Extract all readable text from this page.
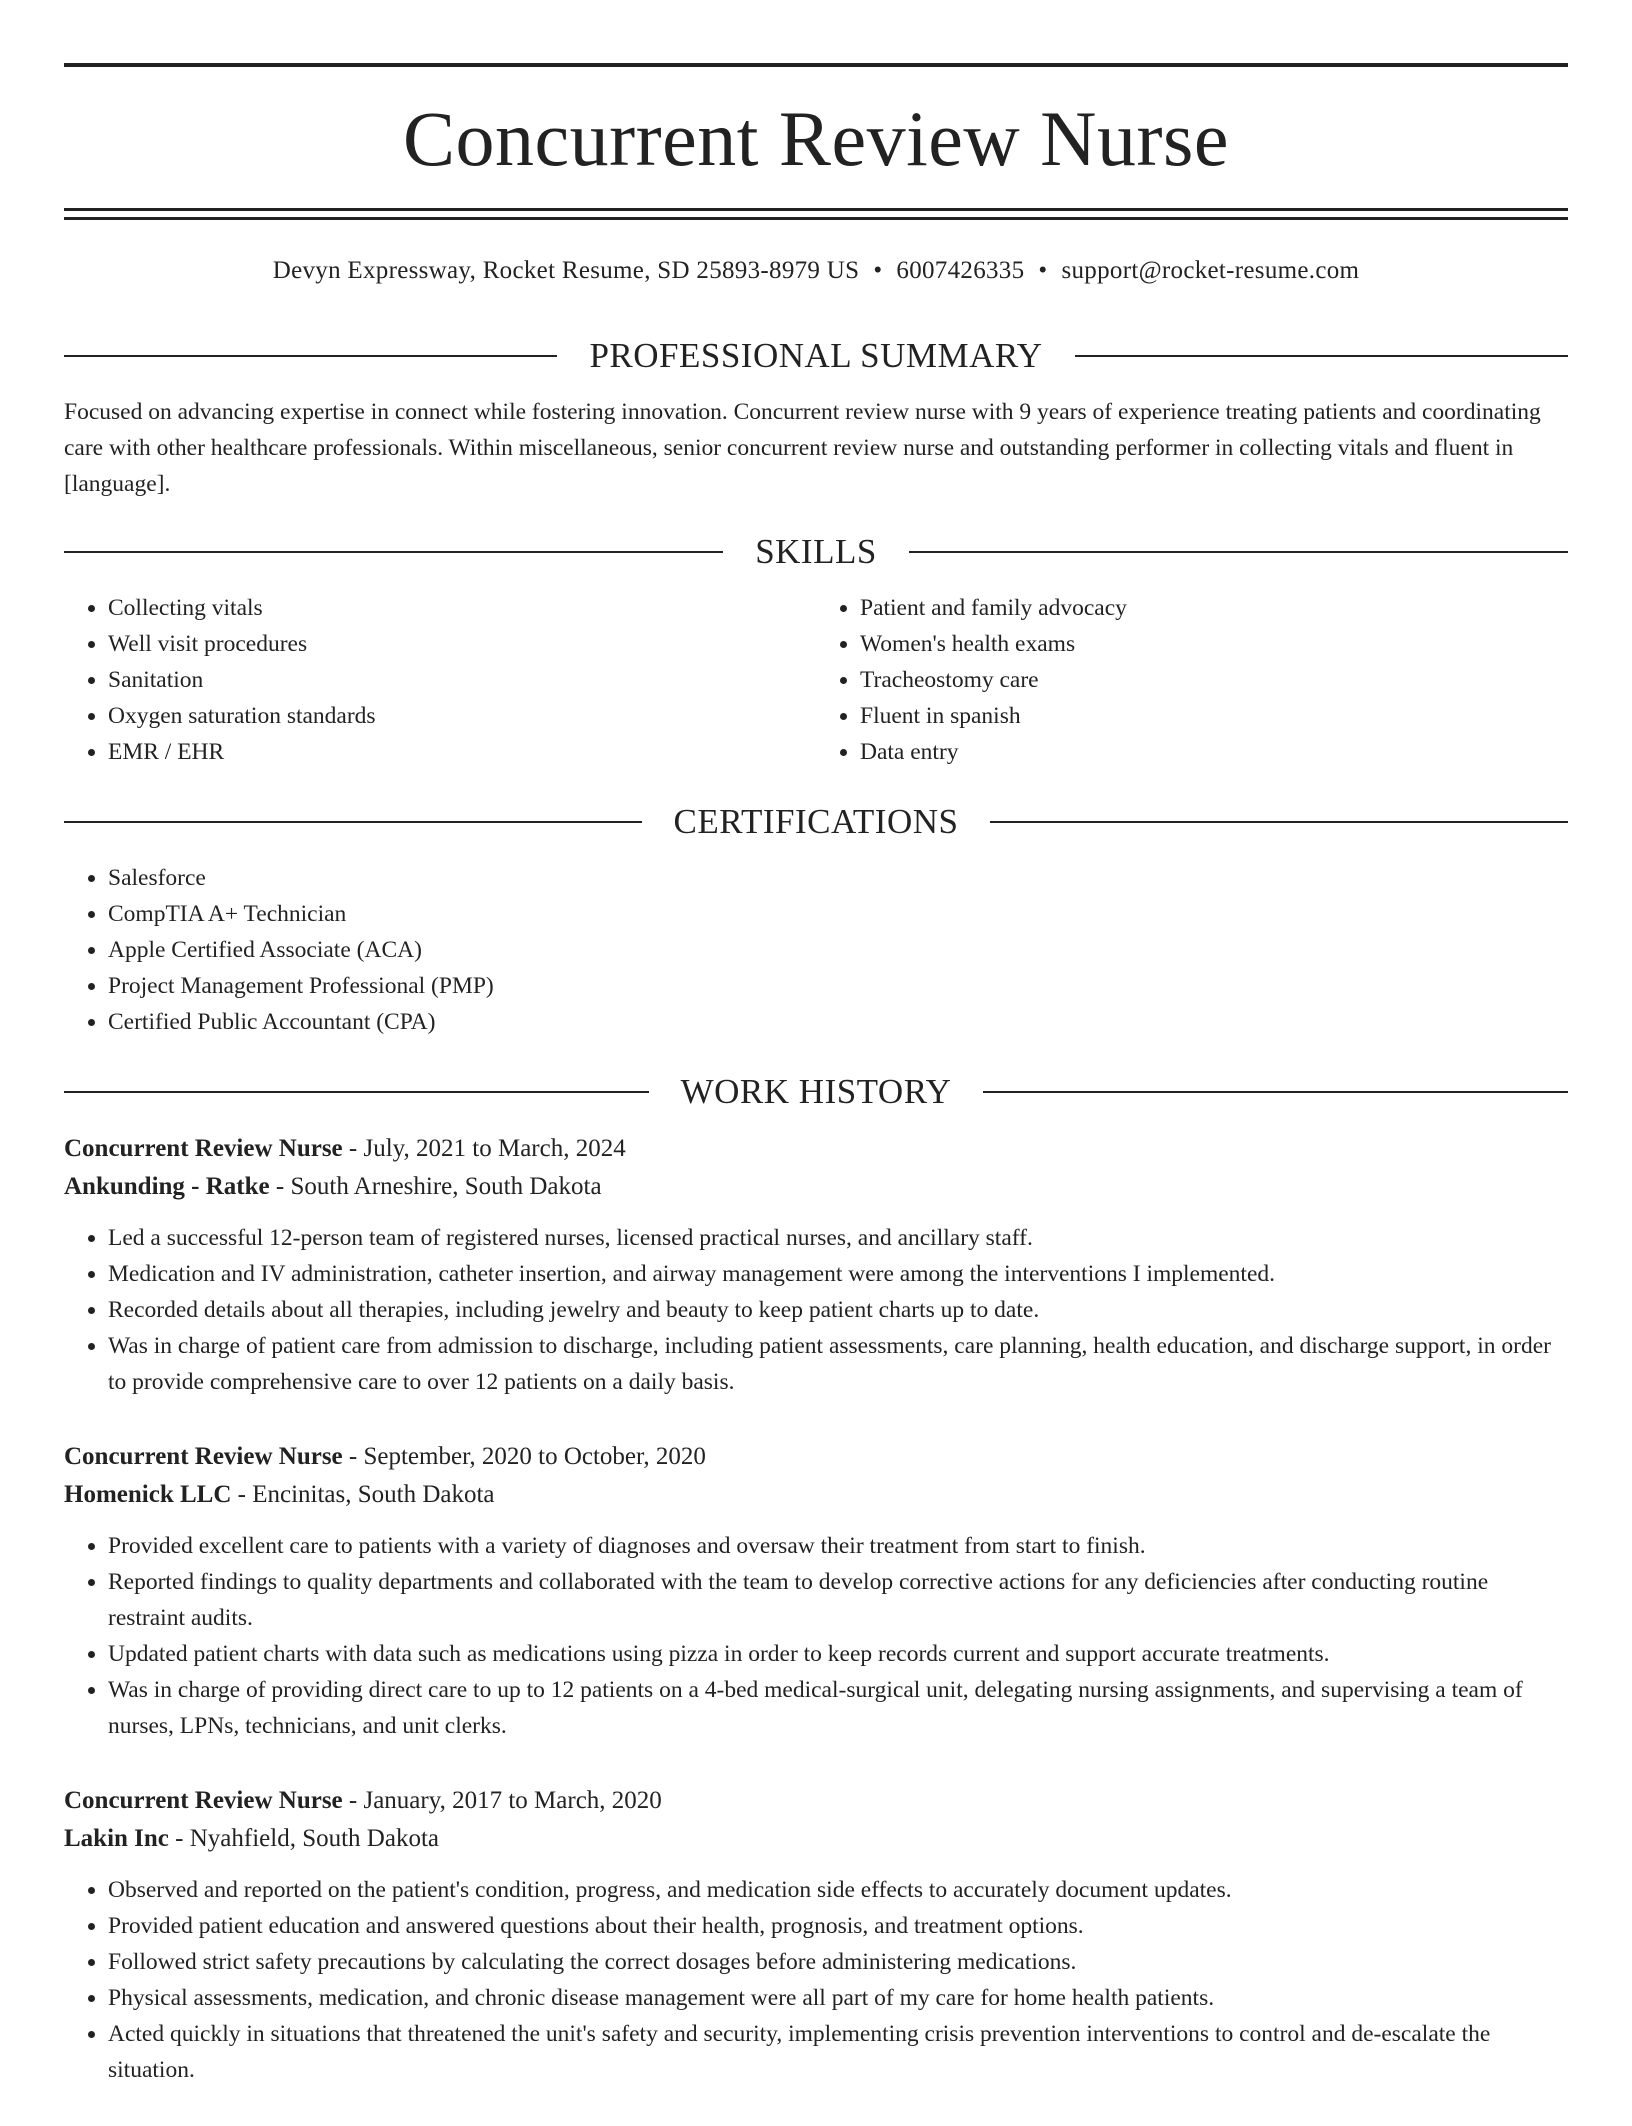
Concurrent Review Nurse
Devyn Expressway, Rocket Resume, SD 25893-8979 US • 6007426335 • support@rocket-resume.com
PROFESSIONAL SUMMARY

Focused on advancing expertise in connect while fostering innovation. Concurrent review nurse with 9 years of experience treating patients and coordinating care with other healthcare professionals. Within miscellaneous, senior concurrent review nurse and outstanding performer in collecting vitals and fluent in [language].

SKILLS
• Collecting vitals
• Well visit procedures
• Sanitation
• Oxygen saturation standards
• EMR / EHR
• Patient and family advocacy
• Women's health exams
• Tracheostomy care
• Fluent in spanish
• Data entry
CERTIFICATIONS
• Salesforce
• CompTIA A+ Technician
• Apple Certified Associate (ACA)
• Project Management Professional (PMP)
• Certified Public Accountant (CPA)
WORK HISTORY
Concurrent Review Nurse - July, 2021 to March, 2024
Ankunding - Ratke - South Arneshire, South Dakota
• Led a successful 12-person team of registered nurses, licensed practical nurses, and ancillary staff.
• Medication and IV administration, catheter insertion, and airway management were among the interventions I implemented.
• Recorded details about all therapies, including jewelry and beauty to keep patient charts up to date.
• Was in charge of patient care from admission to discharge, including patient assessments, care planning, health education, and discharge support, in order to provide comprehensive care to over 12 patients on a daily basis.
Concurrent Review Nurse - September, 2020 to October, 2020
Homenick LLC - Encinitas, South Dakota
• Provided excellent care to patients with a variety of diagnoses and oversaw their treatment from start to finish.
• Reported findings to quality departments and collaborated with the team to develop corrective actions for any deficiencies after conducting routine restraint audits.
• Updated patient charts with data such as medications using pizza in order to keep records current and support accurate treatments.
• Was in charge of providing direct care to up to 12 patients on a 4-bed medical-surgical unit, delegating nursing assignments, and supervising a team of nurses, LPNs, technicians, and unit clerks.
Concurrent Review Nurse - January, 2017 to March, 2020
Lakin Inc - Nyahfield, South Dakota
• Observed and reported on the patient's condition, progress, and medication side effects to accurately document updates.
• Provided patient education and answered questions about their health, prognosis, and treatment options.
• Followed strict safety precautions by calculating the correct dosages before administering medications.
• Physical assessments, medication, and chronic disease management were all part of my care for home health patients.
• Acted quickly in situations that threatened the unit's safety and security, implementing crisis prevention interventions to control and de-escalate the situation.
